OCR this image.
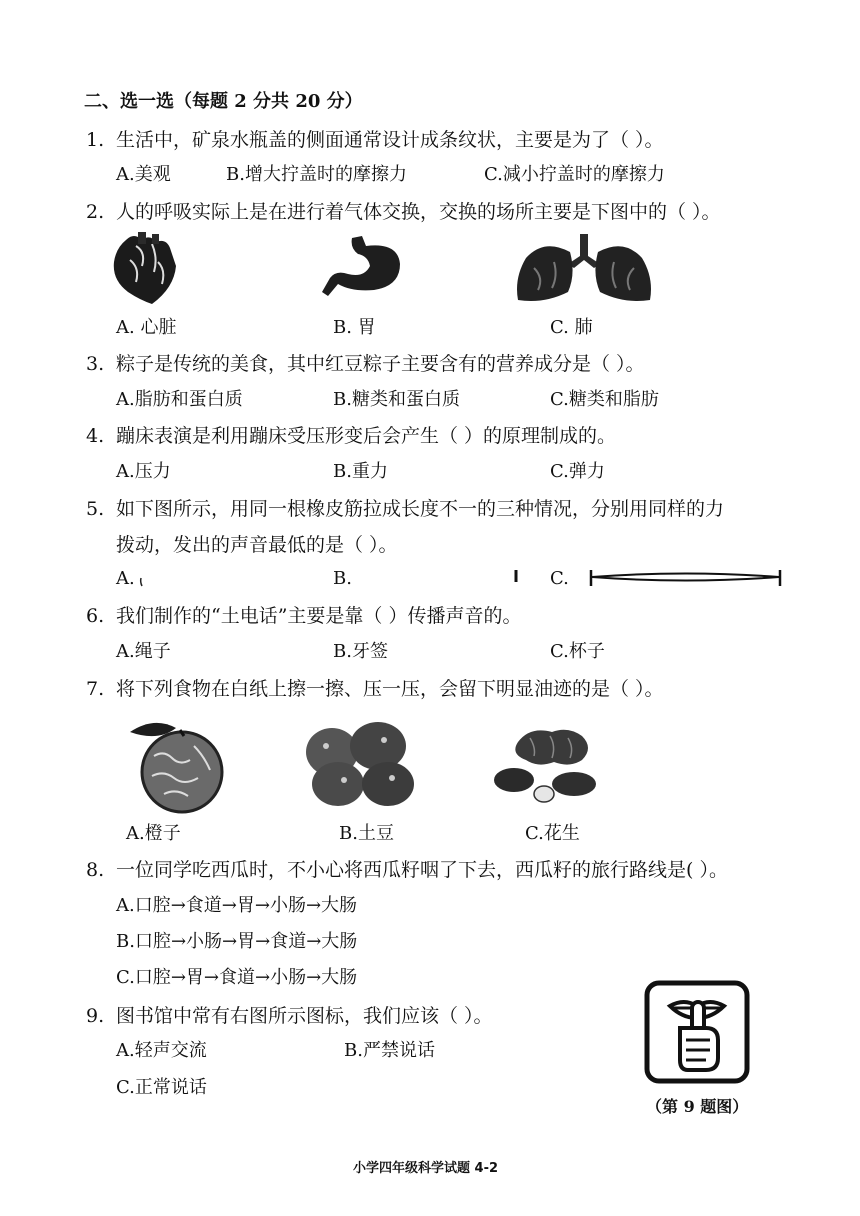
二、选一选（每题 2 分共 20 分）
1. 生活中，矿泉水瓶盖的侧面通常设计成条纹状，主要是为了（ ）。
A.美观	B.增大拧盖时的摩擦力	C.减小拧盖时的摩擦力
2. 人的呼吸实际上是在进行着气体交换，交换的场所主要是下图中的（ ）。
A. 心脏	B. 胃	C. 肺
3. 粽子是传统的美食，其中红豆粽子主要含有的营养成分是（ ）。
A.脂肪和蛋白质	B.糖类和蛋白质	C.糖类和脂肪
4. 蹦床表演是利用蹦床受压形变后会产生（ ）的原理制成的。
A.压力	B.重力	C.弹力
5. 如下图所示，用同一根橡皮筋拉成长度不一的三种情况，分别用同样的力
拨动，发出的声音最低的是（ ）。
A.	B.	C.
6. 我们制作的“土电话”主要是靠（ ）传播声音的。
A.绳子	B.牙签	C.杯子
7. 将下列食物在白纸上擦一擦、压一压，会留下明显油迹的是（ ）。
A.橙子	B.土豆	C.花生
8. 一位同学吃西瓜时，不小心将西瓜籽咽了下去，西瓜籽的旅行路线是( ）。
A.口腔→食道→胃→小肠→大肠
B.口腔→小肠→胃→食道→大肠
C.口腔→胃→食道→小肠→大肠
9. 图书馆中常有右图所示图标，我们应该（ ）。
A.轻声交流	B.严禁说话
C.正常说话
（第 9 题图）
小学四年级科学试题 4-2
